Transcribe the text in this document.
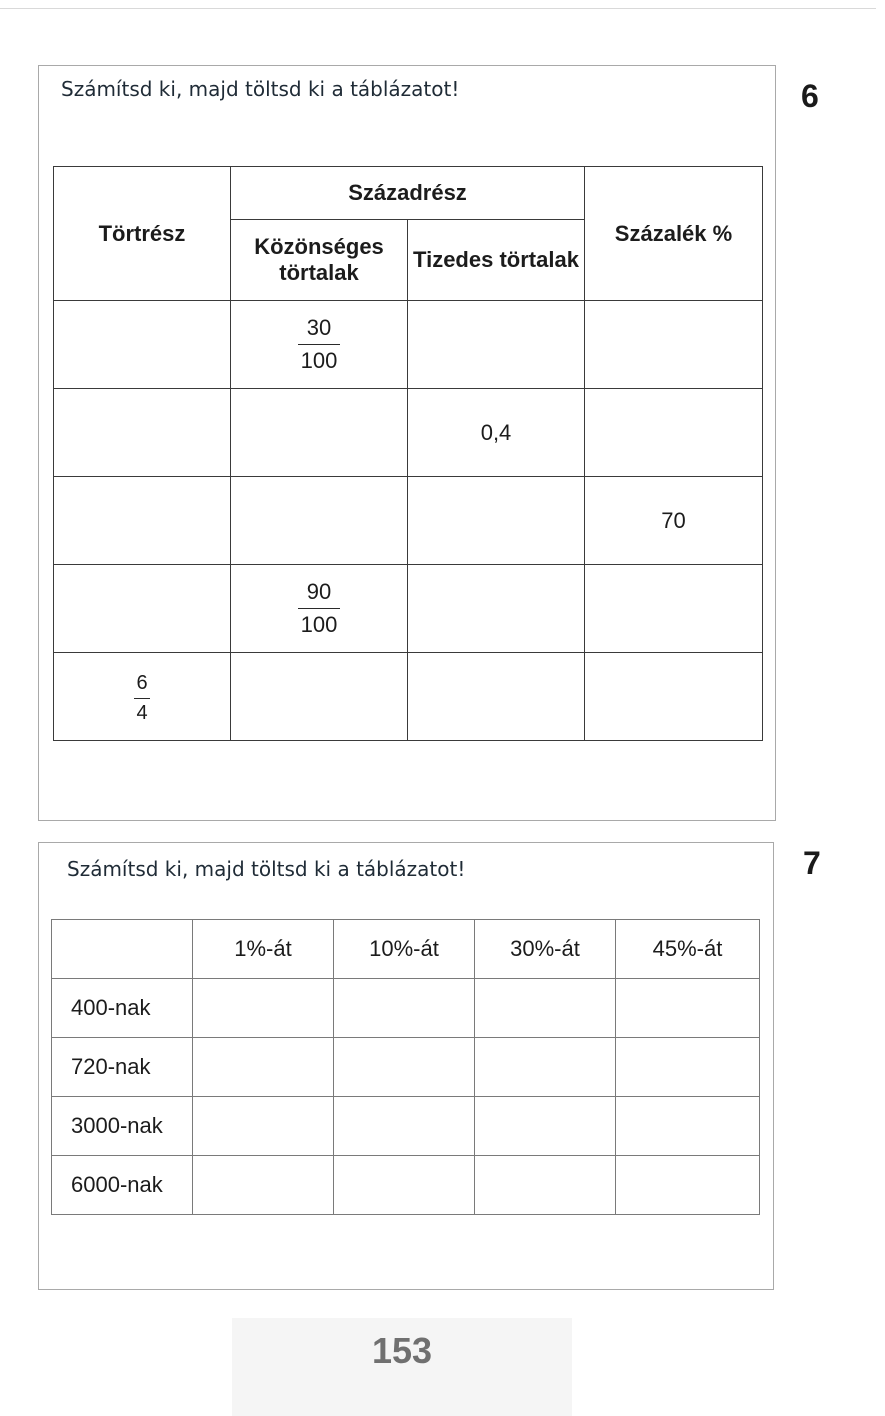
Számítsd ki, majd töltsd ki a táblázatot!	6
Törtrész	Századrész		Százalék %
	Közönséges törtalak	Tizedes törtalak	

	$\frac{30}{100}$

		0,4	
			70

	$\frac{90}{100}$

$\frac{6}{4}$

Számítsd ki, majd töltsd ki a táblázatot!	7
	1%-át	10%-át	30%-át	45%-át
400-nak				
720-nak				
3000-nak				
6000-nak				
153
